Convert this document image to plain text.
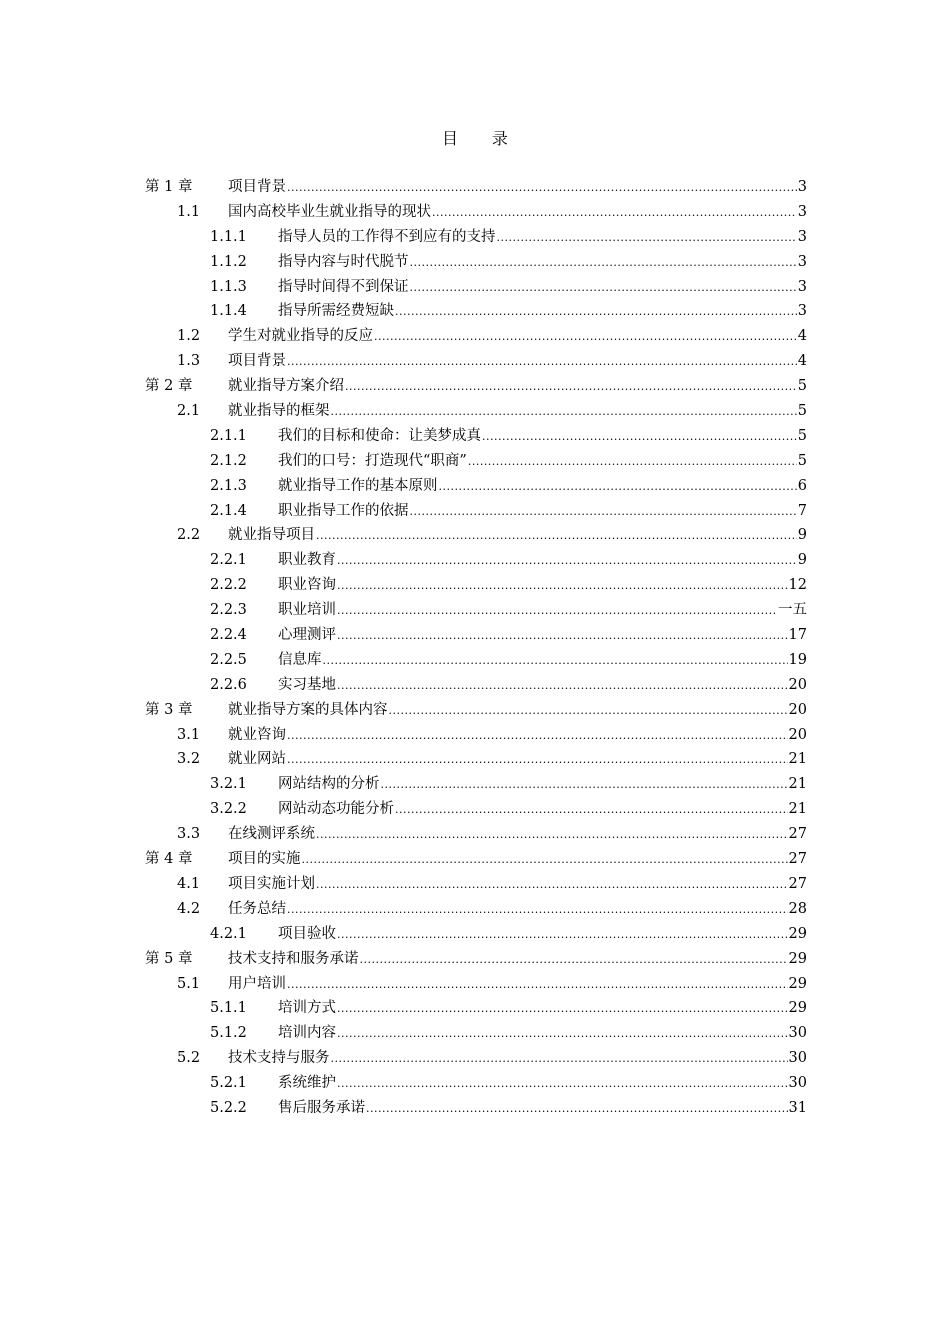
目 录
第 1 章	项目背景 .....	3
1.1	国内高校毕业生就业指导的现状 .....	3
1.1.1	指导人员的工作得不到应有的支持 .....	3
1.1.2	指导内容与时代脱节 .....	3
1.1.3	指导时间得不到保证 .....	3
1.1.4	指导所需经费短缺 .....	3
1.2	学生对就业指导的反应 .....	4
1.3	项目背景 .....	4
第 2 章	就业指导方案介绍 .....	5
2.1	就业指导的框架 .....	5
2.1.1	我们的目标和使命：让美梦成真 .....	5
2.1.2	我们的口号：打造现代“职商” .....	5
2.1.3	就业指导工作的基本原则 .....	6
2.1.4	职业指导工作的依据 .....	7
2.2	就业指导项目 .....	9
2.2.1	职业教育 .....	9
2.2.2	职业咨询 .....	12
2.2.3	职业培训 .....	一五
2.2.4	心理测评 .....	17
2.2.5	信息库 .....	19
2.2.6	实习基地 .....	20
第 3 章	就业指导方案的具体内容 .....	20
3.1	就业咨询 .....	20
3.2	就业网站 .....	21
3.2.1	网站结构的分析 .....	21
3.2.2	网站动态功能分析 .....	21
3.3	在线测评系统 .....	27
第 4 章	项目的实施 .....	27
4.1	项目实施计划 .....	27
4.2	任务总结 .....	28
4.2.1	项目验收 .....	29
第 5 章	技术支持和服务承诺 .....	29
5.1	用户培训 .....	29
5.1.1	培训方式 .....	29
5.1.2	培训内容 .....	30
5.2	技术支持与服务 .....	30
5.2.1	系统维护 .....	30
5.2.2	售后服务承诺 .....	31
